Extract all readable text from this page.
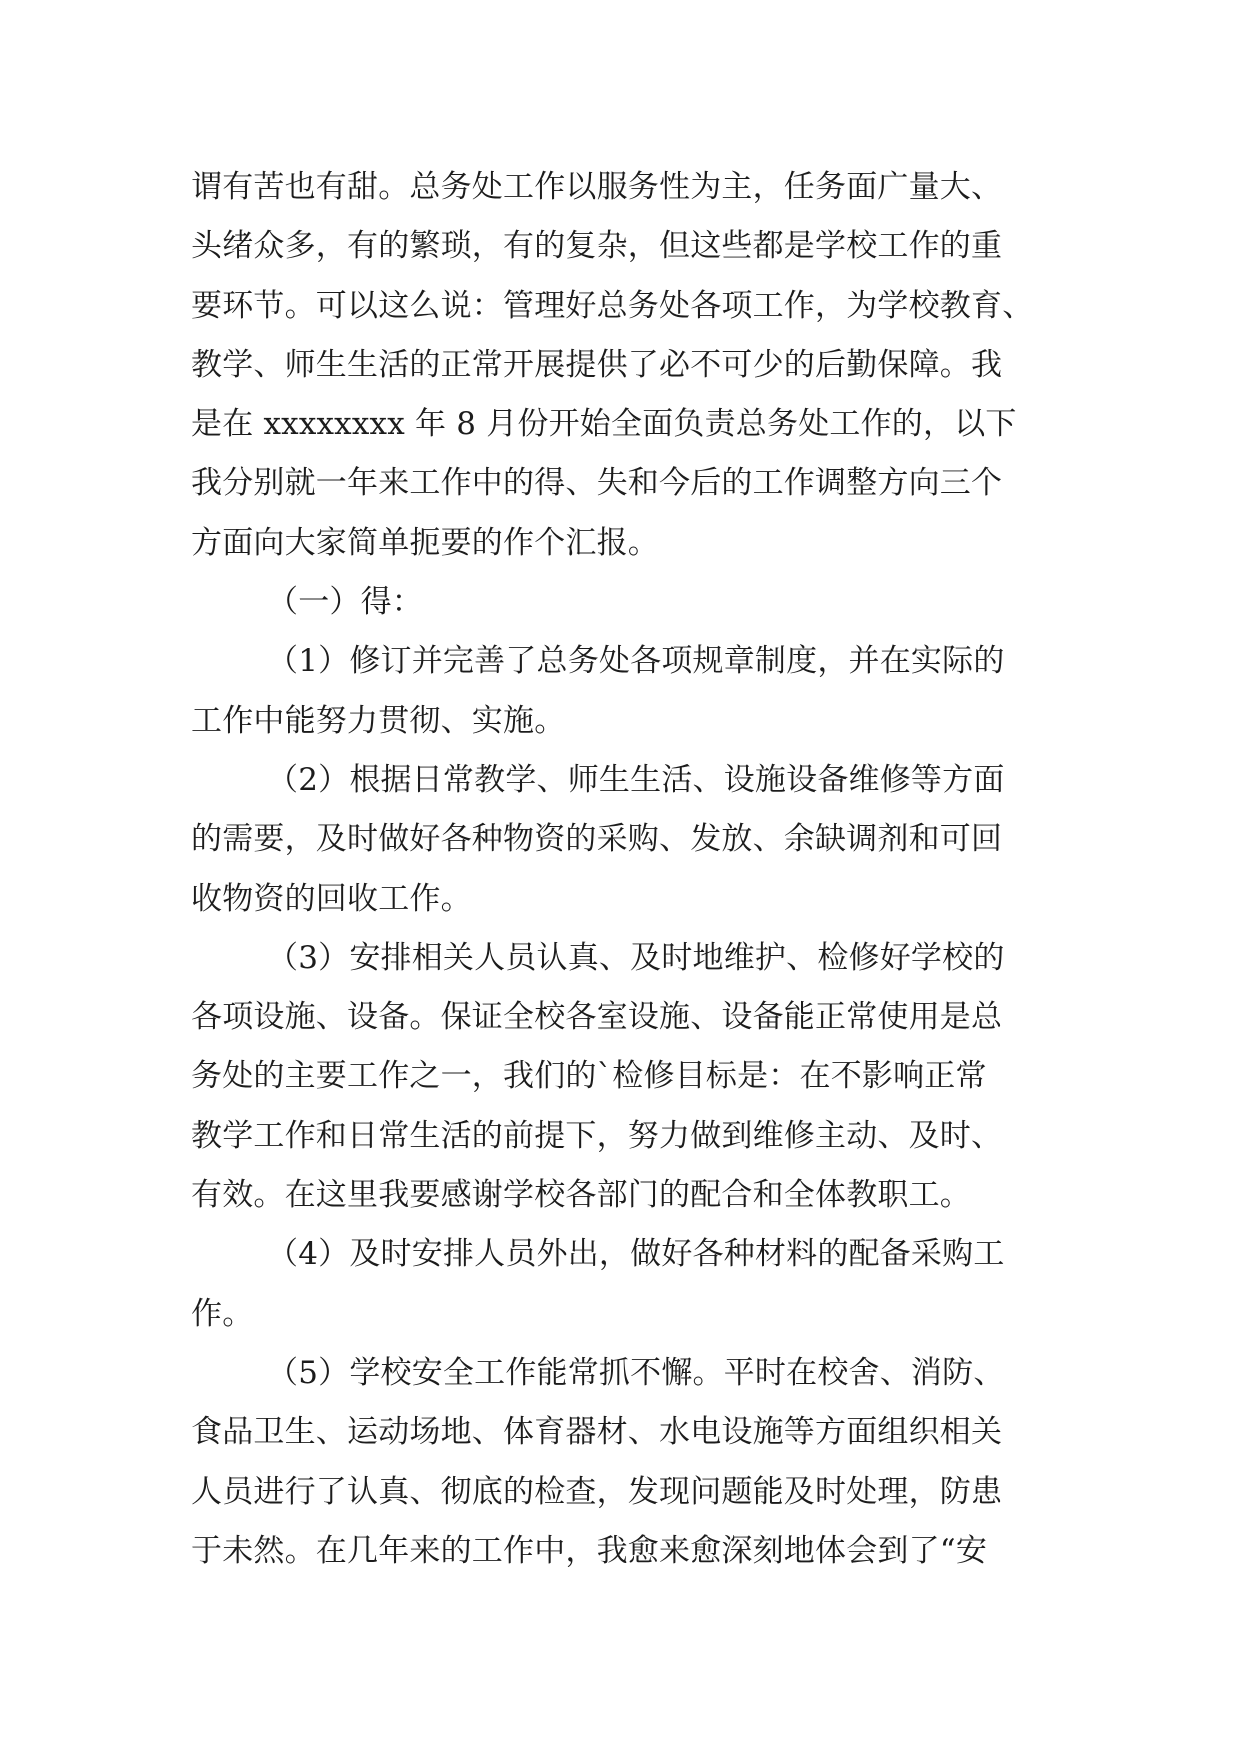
谓有苦也有甜。总务处工作以服务性为主，任务面广量大、
头绪众多，有的繁琐，有的复杂，但这些都是学校工作的重
要环节。可以这么说：管理好总务处各项工作，为学校教育、
教学、师生生活的正常开展提供了必不可少的后勤保障。我
是在 xxxxxxxx 年 8 月份开始全面负责总务处工作的，以下
我分别就一年来工作中的得、失和今后的工作调整方向三个
方面向大家简单扼要的作个汇报。
（一）得：
（1）修订并完善了总务处各项规章制度，并在实际的
工作中能努力贯彻、实施。
（2）根据日常教学、师生生活、设施设备维修等方面
的需要，及时做好各种物资的采购、发放、余缺调剂和可回
收物资的回收工作。
（3）安排相关人员认真、及时地维护、检修好学校的
各项设施、设备。保证全校各室设施、设备能正常使用是总
务处的主要工作之一，我们的`检修目标是：在不影响正常
教学工作和日常生活的前提下，努力做到维修主动、及时、
有效。在这里我要感谢学校各部门的配合和全体教职工。
（4）及时安排人员外出，做好各种材料的配备采购工
作。
（5）学校安全工作能常抓不懈。平时在校舍、消防、
食品卫生、运动场地、体育器材、水电设施等方面组织相关
人员进行了认真、彻底的检查，发现问题能及时处理，防患
于未然。在几年来的工作中，我愈来愈深刻地体会到了“安
